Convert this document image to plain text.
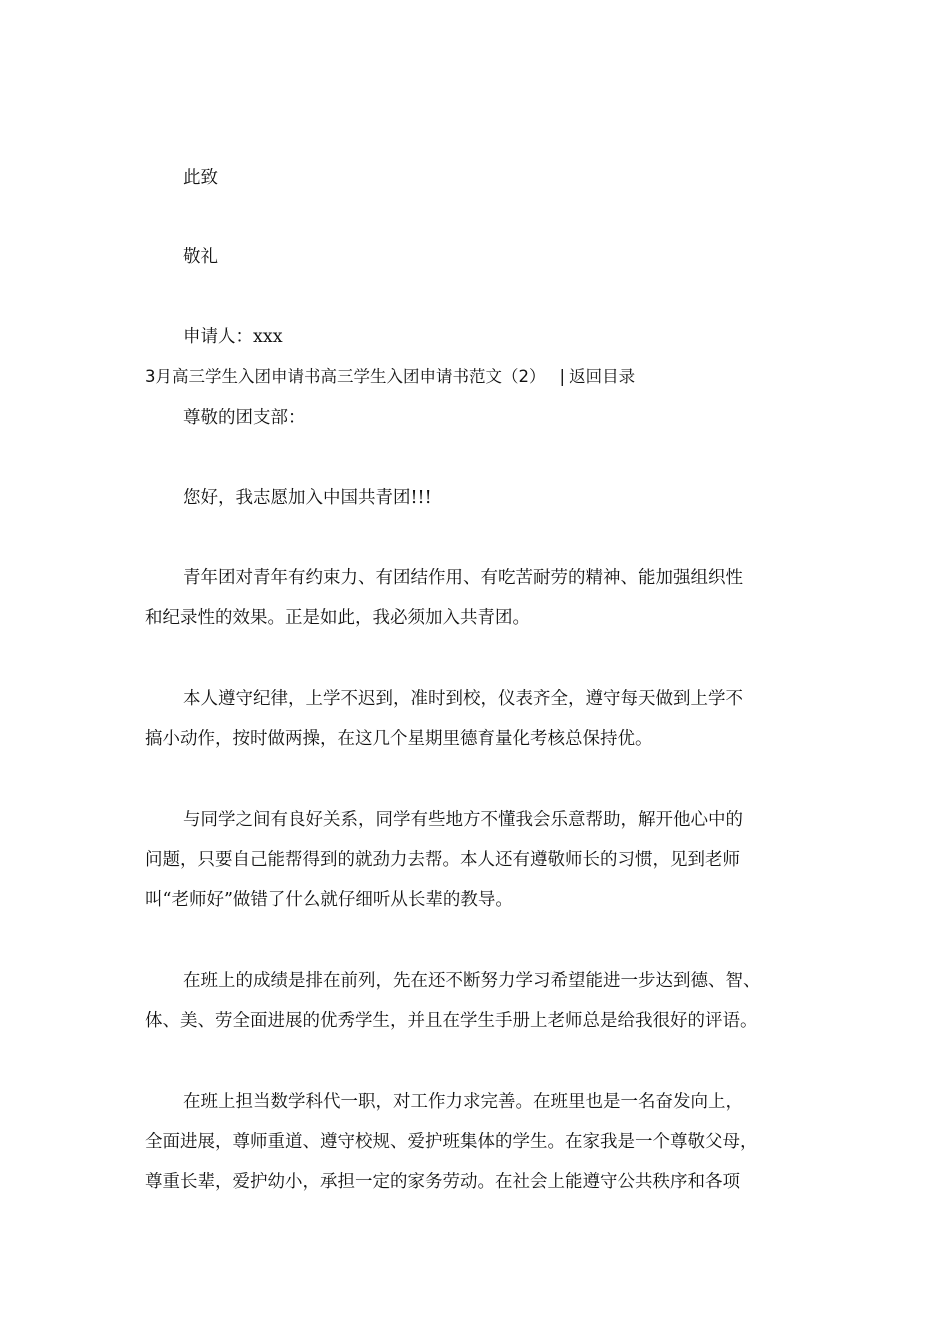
此致
敬礼
申请人：xxx
3月高三学生入团申请书高三学生入团申请书范文（2） | 返回目录
尊敬的团支部：
您好，我志愿加入中国共青团!!!
青年团对青年有约束力、有团结作用、有吃苦耐劳的精神、能加强组织性
和纪录性的效果。正是如此，我必须加入共青团。
本人遵守纪律，上学不迟到，准时到校，仪表齐全，遵守每天做到上学不
搞小动作，按时做两操，在这几个星期里德育量化考核总保持优。
与同学之间有良好关系，同学有些地方不懂我会乐意帮助，解开他心中的
问题，只要自己能帮得到的就劲力去帮。本人还有遵敬师长的习惯，见到老师
叫“老师好”做错了什么就仔细听从长辈的教导。
在班上的成绩是排在前列，先在还不断努力学习希望能进一步达到德、智、
体、美、劳全面进展的优秀学生，并且在学生手册上老师总是给我很好的评语。
在班上担当数学科代一职，对工作力求完善。在班里也是一名奋发向上，
全面进展，尊师重道、遵守校规、爱护班集体的学生。在家我是一个尊敬父母，
尊重长辈，爱护幼小，承担一定的家务劳动。在社会上能遵守公共秩序和各项
